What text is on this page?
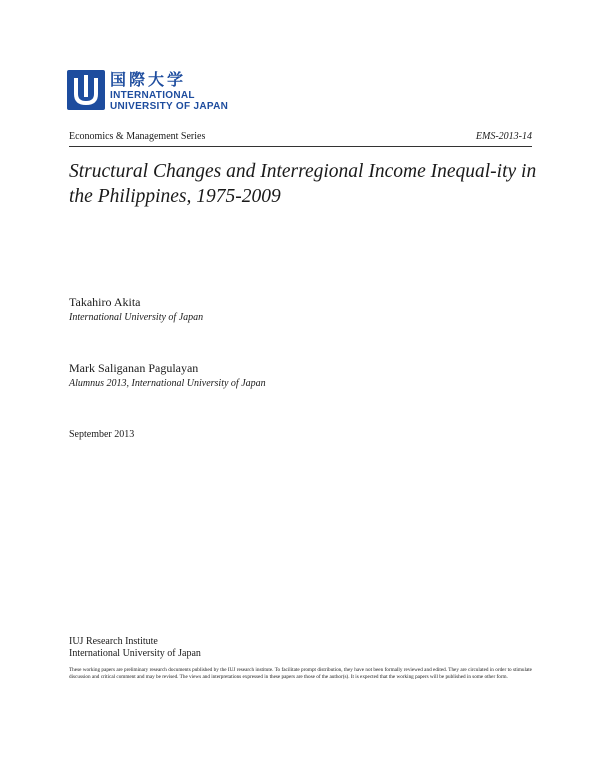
国際大学
INTERNATIONAL
UNIVERSITY OF JAPAN
Economics & Management Series	EMS-2013-14
Structural Changes and Interregional Income Inequal-ity in the Philippines, 1975-2009
Takahiro Akita
International University of Japan
Mark Saliganan Pagulayan
Alumnus 2013, International University of Japan
September 2013
IUJ Research Institute
International University of Japan
These working papers are preliminary research documents published by the IUJ research institute. To facilitate prompt distribution, they have not been formally reviewed and edited. They are circulated in order to stimulate discussion and critical comment and may be revised. The views and interpretations expressed in these papers are those of the author(s). It is expected that the working papers will be published in some other form.
